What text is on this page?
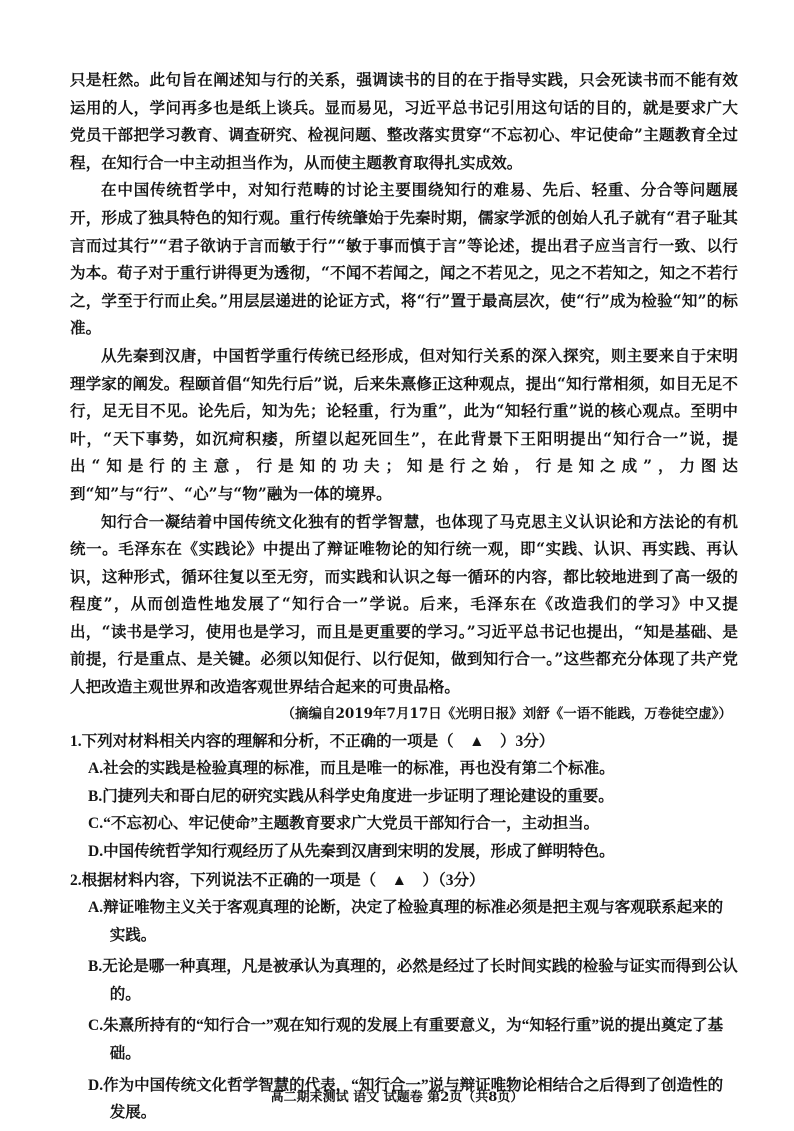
只是枉然。此句旨在阐述知与行的关系，强调读书的目的在于指导实践，只会死读书而不能有效运用的人，学问再多也是纸上谈兵。显而易见，习近平总书记引用这句话的目的，就是要求广大党员干部把学习教育、调查研究、检视问题、整改落实贯穿“不忘初心、牢记使命”主题教育全过程，在知行合一中主动担当作为，从而使主题教育取得扎实成效。

在中国传统哲学中，对知行范畴的讨论主要围绕知行的难易、先后、轻重、分合等问题展开，形成了独具特色的知行观。重行传统肇始于先秦时期，儒家学派的创始人孔子就有“君子耻其言而过其行”“君子欲讷于言而敏于行”“敏于事而慎于言”等论述，提出君子应当言行一致、以行为本。荀子对于重行讲得更为透彻，“不闻不若闻之，闻之不若见之，见之不若知之，知之不若行之，学至于行而止矣。”用层层递进的论证方式，将“行”置于最高层次，使“行”成为检验“知”的标准。

从先秦到汉唐，中国哲学重行传统已经形成，但对知行关系的深入探究，则主要来自于宋明理学家的阐发。程颐首倡“知先行后”说，后来朱熹修正这种观点，提出“知行常相须，如目无足不行，足无目不见。论先后，知为先；论轻重，行为重”，此为“知轻行重”说的核心观点。至明中叶，“天下事势，如沉疴积痿，所望以起死回生”，在此背景下王阳明提出“知行合一”说，提出“知是行的主意，行是知的功夫；知是行之始，行是知之成”，力图达到“知”与“行”、“心”与“物”融为一体的境界。

知行合一凝结着中国传统文化独有的哲学智慧，也体现了马克思主义认识论和方法论的有机统一。毛泽东在《实践论》中提出了辩证唯物论的知行统一观，即“实践、认识、再实践、再认识，这种形式，循环往复以至无穷，而实践和认识之每一循环的内容，都比较地进到了高一级的程度”，从而创造性地发展了“知行合一”学说。后来，毛泽东在《改造我们的学习》中又提出，“读书是学习，使用也是学习，而且是更重要的学习。”习近平总书记也提出，“知是基础、是前提，行是重点、是关键。必须以知促行、以行促知，做到知行合一。”这些都充分体现了共产党人把改造主观世界和改造客观世界结合起来的可贵品格。

（摘编自2019年7月17日《光明日报》刘舒《一语不能践，万卷徒空虚》）

1.下列对材料相关内容的理解和分析，不正确的一项是（　▲　）3分）

A.社会的实践是检验真理的标准，而且是唯一的标准，再也没有第二个标准。

B.门捷列夫和哥白尼的研究实践从科学史角度进一步证明了理论建设的重要。

C.“不忘初心、牢记使命”主题教育要求广大党员干部知行合一，主动担当。

D.中国传统哲学知行观经历了从先秦到汉唐到宋明的发展，形成了鲜明特色。

2.根据材料内容，下列说法不正确的一项是（　▲　）（3分）

A.辩证唯物主义关于客观真理的论断，决定了检验真理的标准必须是把主观与客观联系起来的实践。

B.无论是哪一种真理，凡是被承认为真理的，必然是经过了长时间实践的检验与证实而得到公认的。

C.朱熹所持有的“知行合一”观在知行观的发展上有重要意义，为“知轻行重”说的提出奠定了基础。

D.作为中国传统文化哲学智慧的代表，“知行合一”说与辩证唯物论相结合之后得到了创造性的发展。

高二期末测试 语文 试题卷 第2页（共8页）
